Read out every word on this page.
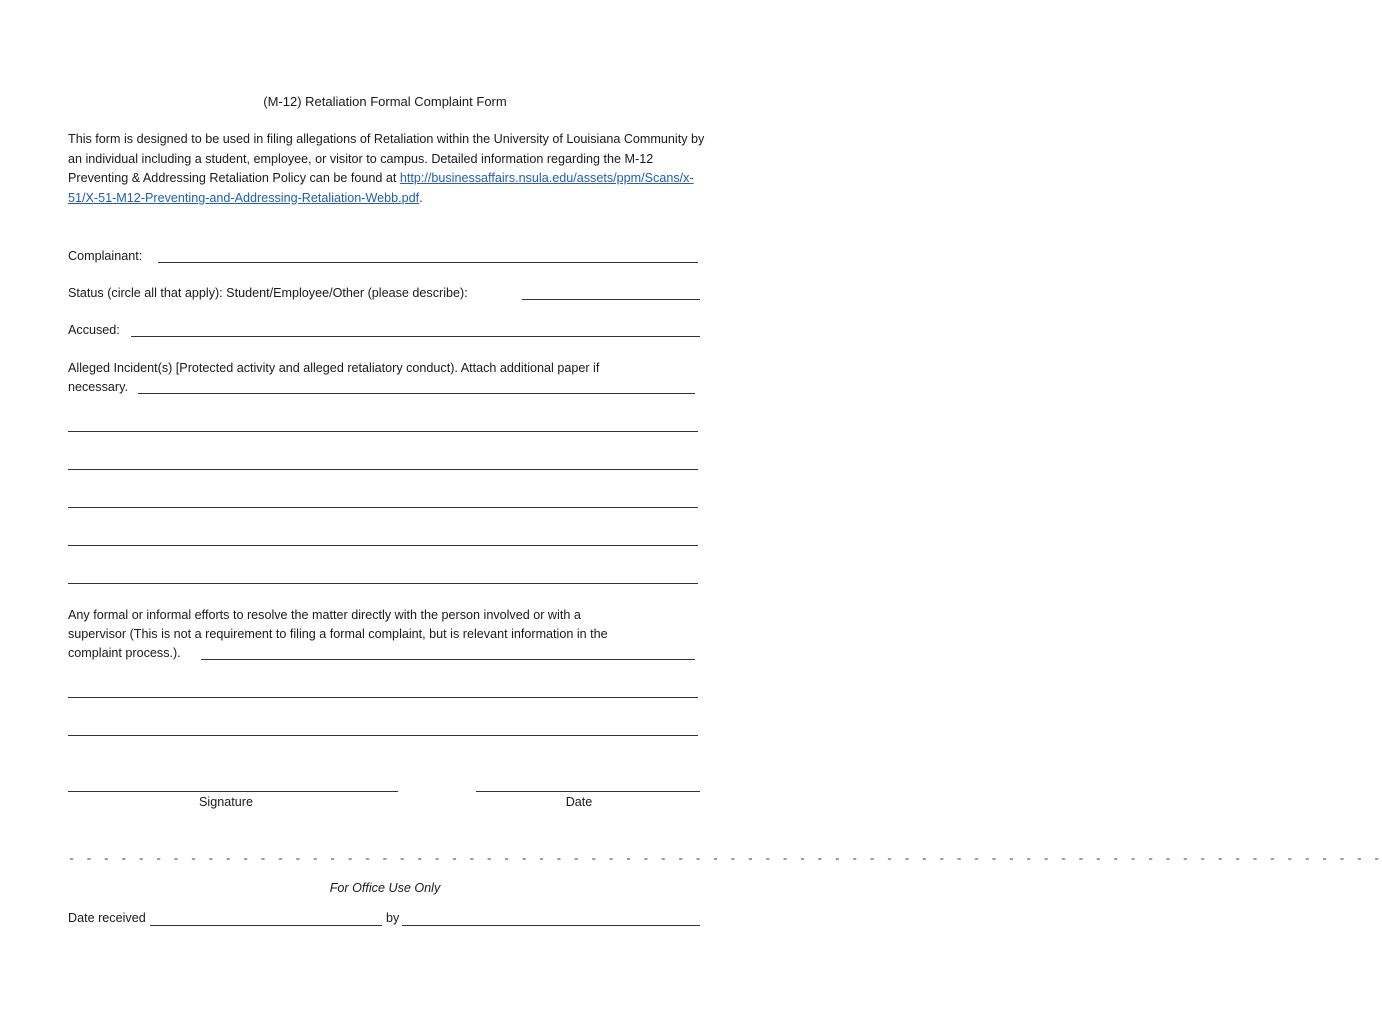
(M-12) Retaliation Formal Complaint Form
This form is designed to be used in filing allegations of Retaliation within the University of Louisiana Community by an individual including a student, employee, or visitor to campus. Detailed information regarding the M-12 Preventing & Addressing Retaliation Policy can be found at http://businessaffairs.nsula.edu/assets/ppm/Scans/x-51/X-51-M12-Preventing-and-Addressing-Retaliation-Webb.pdf.
Complainant:
Status (circle all that apply): Student/Employee/Other (please describe):
Accused:
Alleged Incident(s) [Protected activity and alleged retaliatory conduct). Attach additional paper if
necessary.
Any formal or informal efforts to resolve the matter directly with the person involved or with a
supervisor (This is not a requirement to filing a formal complaint, but is relevant information in the
complaint process.).
Signature	Date
- - - - - - - - - - - - - - - - - - - - - - - - - - - - - - - - - - - - - - - - - - - - - - - - - - - - - - - - - - - - - - - - - - - - - - - - - - - -
For Office Use Only
Date received	by
